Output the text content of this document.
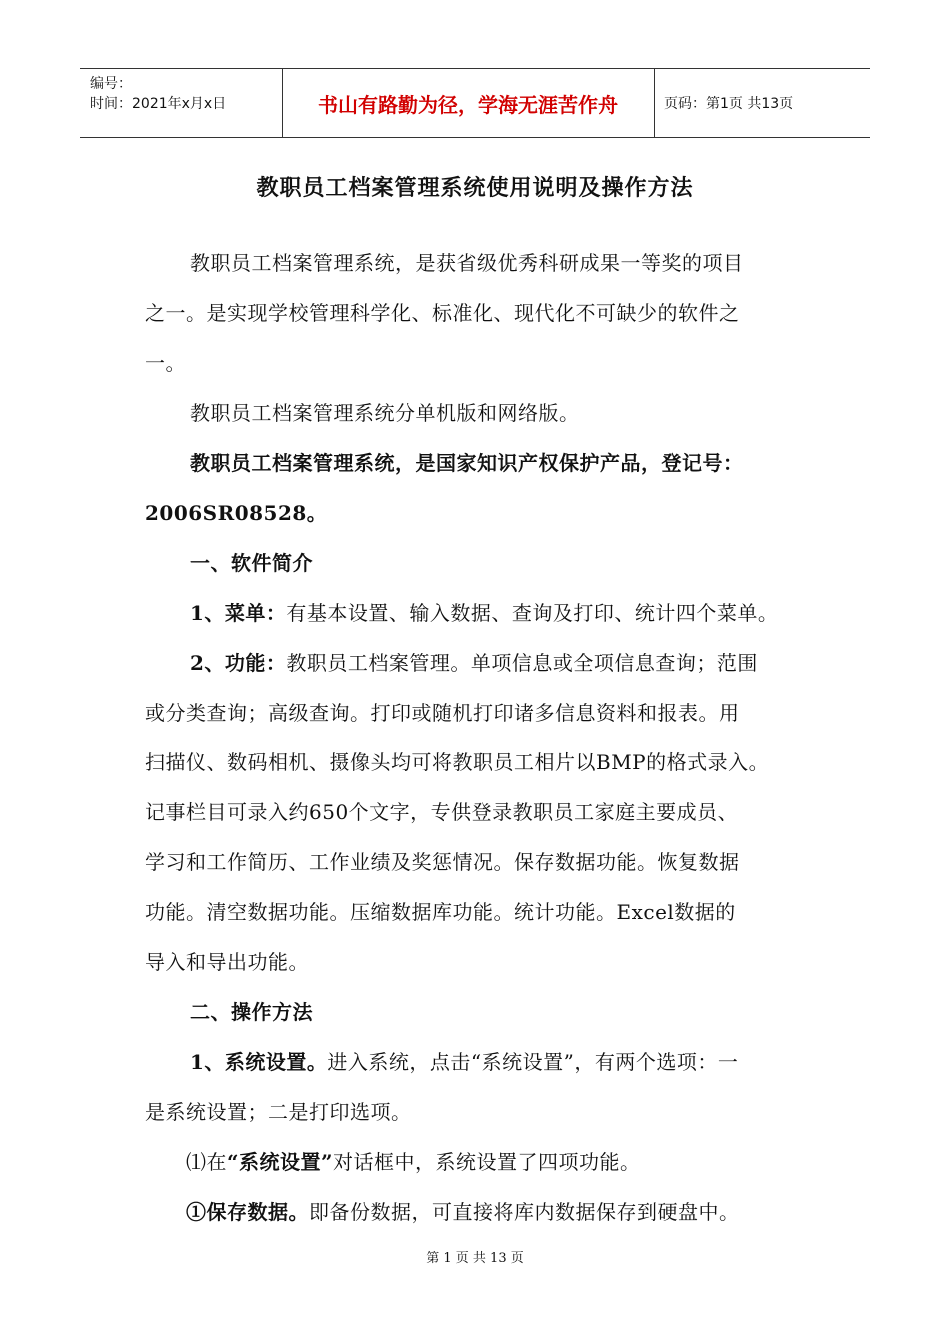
编号：
时间：2021年x月x日	书山有路勤为径，学海无涯苦作舟	页码：第1页 共13页
教职员工档案管理系统使用说明及操作方法
教职员工档案管理系统，是获省级优秀科研成果一等奖的项目
之一。是实现学校管理科学化、标准化、现代化不可缺少的软件之
一。
教职员工档案管理系统分单机版和网络版。
教职员工档案管理系统，是国家知识产权保护产品，登记号：
2006SR08528。
一、软件简介
1、菜单：有基本设置、输入数据、查询及打印、统计四个菜单。
2、功能：教职员工档案管理。单项信息或全项信息查询；范围
或分类查询；高级查询。打印或随机打印诸多信息资料和报表。用
扫描仪、数码相机、摄像头均可将教职员工相片以BMP的格式录入。
记事栏目可录入约650个文字，专供登录教职员工家庭主要成员、
学习和工作简历、工作业绩及奖惩情况。保存数据功能。恢复数据
功能。清空数据功能。压缩数据库功能。统计功能。Excel数据的
导入和导出功能。
二、操作方法
1、系统设置。进入系统，点击“系统设置”，有两个选项：一
是系统设置；二是打印选项。
⑴在“系统设置”对话框中，系统设置了四项功能。
①保存数据。即备份数据，可直接将库内数据保存到硬盘中。
第 1 页 共 13 页
